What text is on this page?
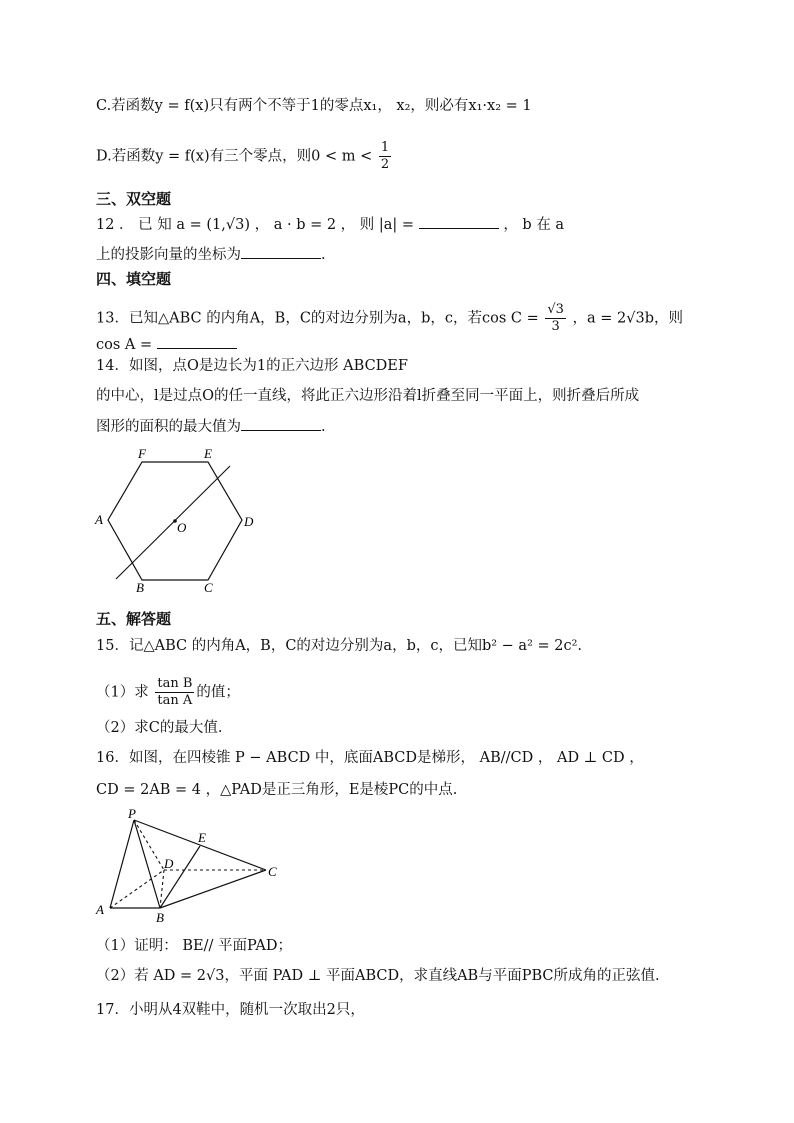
C.若函数y = f(x)只有两个不等于1的零点x₁， x₂，则必有x₁·x₂ = 1
D.若函数y = f(x)有三个零点，则$0 < m < \frac{1}{2}$
三、双空题
12 ． 已 知 a = (1,√3) ， a · b = 2 ， 则 |a| =	， b 在 a
上的投影向量的坐标为	.
四、填空题
13．已知△ABC 的内角A，B，C的对边分别为a，b，c，若$\cos C = \frac{√3}{3}$ ，a = 2√3b，则
cos A =
14．如图，点O是边长为1的正六边形 ABCDEF
的中心，l是过点O的任一直线，将此正六边形沿着l折叠至同一平面上，则折叠后所成
图形的面积的最大值为	.
F	E
A	D
O
B	C
五、解答题
15．记△ABC 的内角A，B，C的对边分别为a，b，c，已知b² − a² = 2c².
（1）求 $\frac{\text{tan B}}{\text{tan A}}$ 的值；
（2）求C的最大值.
16．如图，在四棱锥 P − ABCD 中，底面ABCD是梯形， AB//CD ， AD ⊥ CD ，
CD = 2AB = 4 ，△PAD是正三角形，E是棱PC的中点.
P
E
D
C
A
B
（1）证明： BE// 平面PAD；
（2）若 AD = 2√3，平面 PAD ⊥ 平面ABCD，求直线AB与平面PBC所成角的正弦值.
17．小明从4双鞋中，随机一次取出2只，
